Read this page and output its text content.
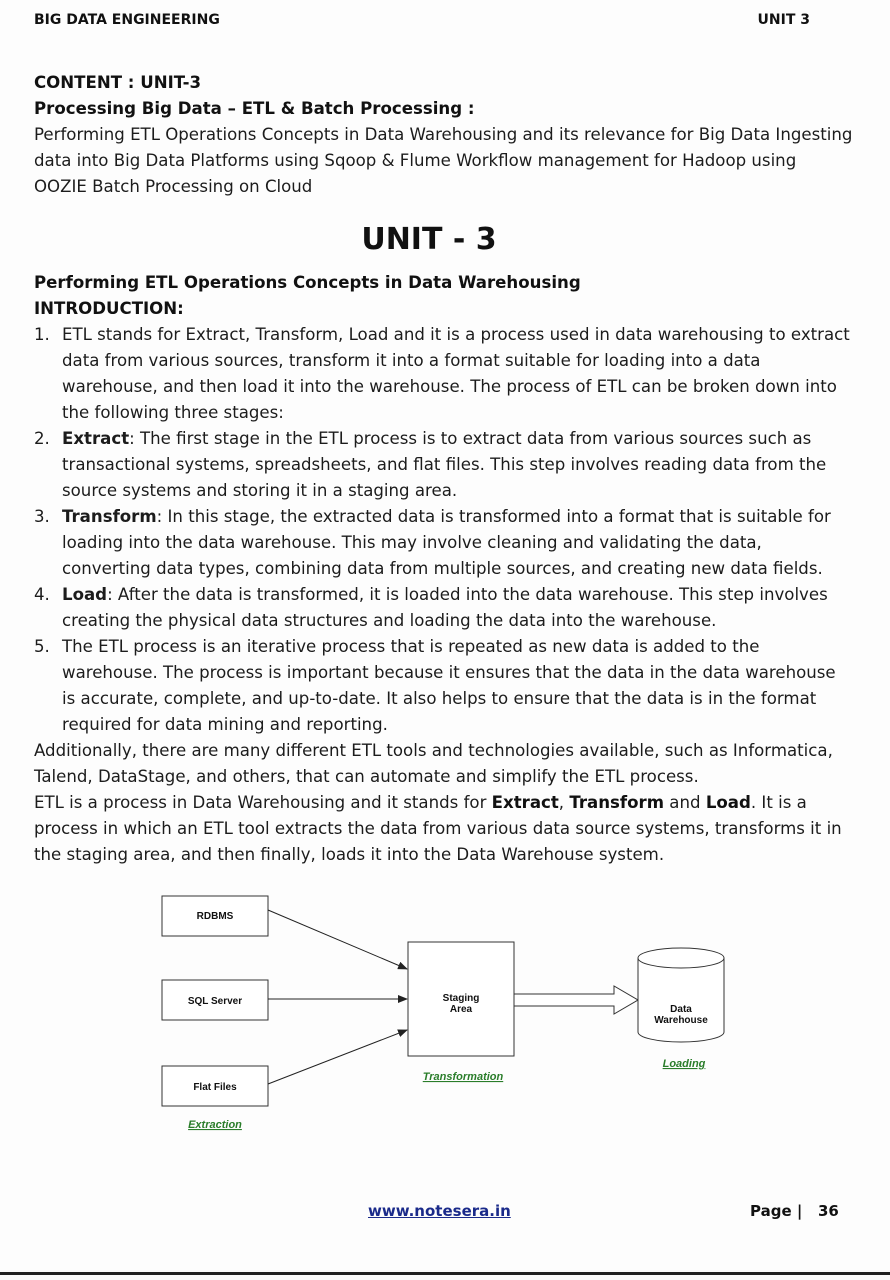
BIG DATA ENGINEERING	UNIT 3

CONTENT : UNIT-3

Processing Big Data – ETL & Batch Processing :

Performing ETL Operations Concepts in Data Warehousing and its relevance for Big Data Ingesting data into Big Data Platforms using Sqoop & Flume Workflow management for Hadoop using OOZIE Batch Processing on Cloud

UNIT - 3

Performing ETL Operations Concepts in Data Warehousing

INTRODUCTION:

1. ETL stands for Extract, Transform, Load and it is a process used in data warehousing to extract data from various sources, transform it into a format suitable for loading into a data warehouse, and then load it into the warehouse. The process of ETL can be broken down into the following three stages:
2. Extract: The first stage in the ETL process is to extract data from various sources such as transactional systems, spreadsheets, and flat files. This step involves reading data from the source systems and storing it in a staging area.
3. Transform: In this stage, the extracted data is transformed into a format that is suitable for loading into the data warehouse. This may involve cleaning and validating the data, converting data types, combining data from multiple sources, and creating new data fields.
4. Load: After the data is transformed, it is loaded into the data warehouse. This step involves creating the physical data structures and loading the data into the warehouse.
5. The ETL process is an iterative process that is repeated as new data is added to the warehouse. The process is important because it ensures that the data in the data warehouse is accurate, complete, and up-to-date. It also helps to ensure that the data is in the format required for data mining and reporting.

Additionally, there are many different ETL tools and technologies available, such as Informatica, Talend, DataStage, and others, that can automate and simplify the ETL process.

ETL is a process in Data Warehousing and it stands for Extract, Transform and Load. It is a process in which an ETL tool extracts the data from various data source systems, transforms it in the staging area, and then finally, loads it into the Data Warehouse system.

RDBMS
SQL Server
Flat Files
Staging
Area	Data
Warehouse
Extraction
Transformation
Loading
www.notesera.in	Page | 36
